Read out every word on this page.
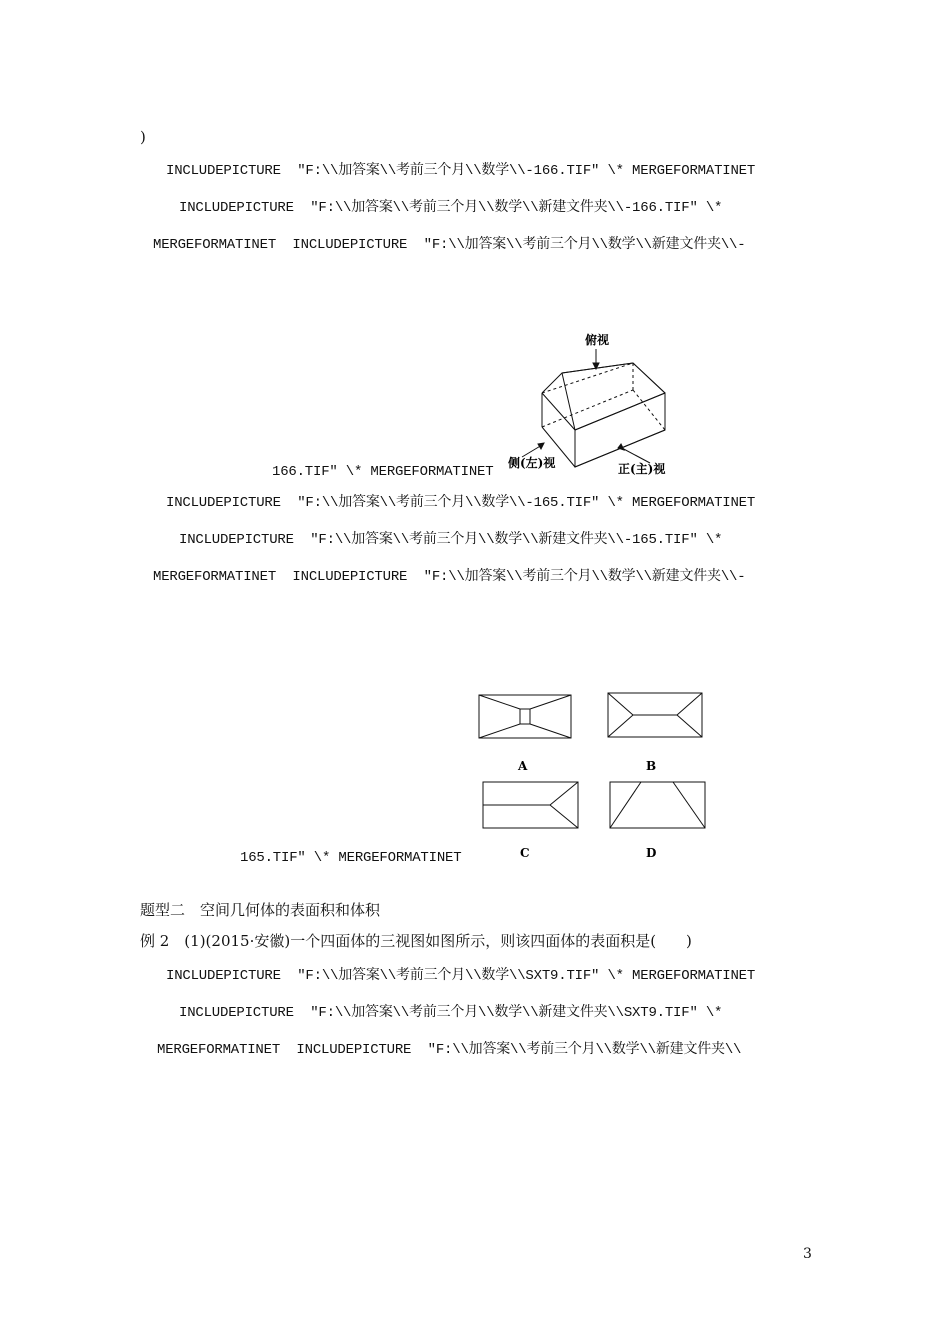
)
INCLUDEPICTURE  "F:\\加答案\\考前三个月\\数学\\-166.TIF" \* MERGEFORMATINET
INCLUDEPICTURE  "F:\\加答案\\考前三个月\\数学\\新建文件夹\\-166.TIF" \*
MERGEFORMATINET  INCLUDEPICTURE  "F:\\加答案\\考前三个月\\数学\\新建文件夹\\-
166.TIF" \* MERGEFORMATINET
俯视
侧(左)视	正(主)视
INCLUDEPICTURE  "F:\\加答案\\考前三个月\\数学\\-165.TIF" \* MERGEFORMATINET
INCLUDEPICTURE  "F:\\加答案\\考前三个月\\数学\\新建文件夹\\-165.TIF" \*
MERGEFORMATINET  INCLUDEPICTURE  "F:\\加答案\\考前三个月\\数学\\新建文件夹\\-
A	B
C	D
165.TIF" \* MERGEFORMATINET
题型二　空间几何体的表面积和体积
例 2　(1)(2015·安徽)一个四面体的三视图如图所示，则该四面体的表面积是(　　)
INCLUDEPICTURE  "F:\\加答案\\考前三个月\\数学\\SXT9.TIF" \* MERGEFORMATINET
INCLUDEPICTURE  "F:\\加答案\\考前三个月\\数学\\新建文件夹\\SXT9.TIF" \*
MERGEFORMATINET  INCLUDEPICTURE  "F:\\加答案\\考前三个月\\数学\\新建文件夹\\
3
